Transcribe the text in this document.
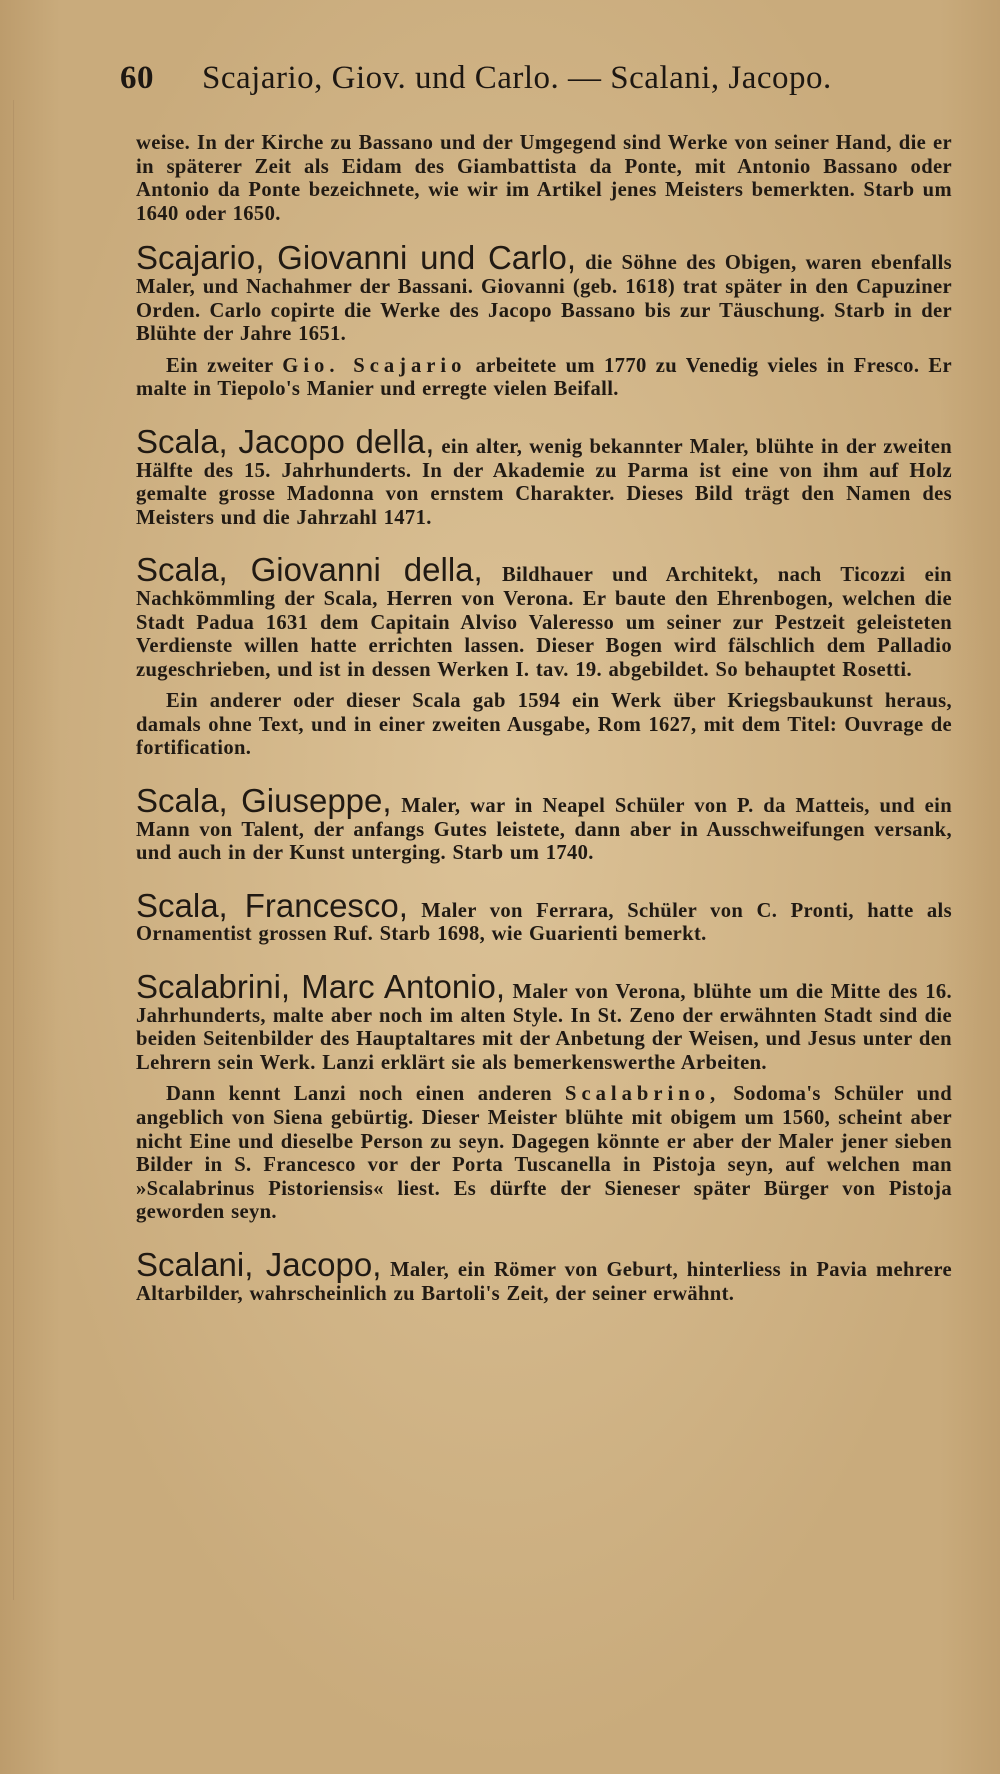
60 Scajario, Giov. und Carlo. — Scalani, Jacopo.

weise. In der Kirche zu Bassano und der Umgegend sind Werke von seiner Hand, die er in späterer Zeit als Eidam des Giambattista da Ponte, mit Antonio Bassano oder Antonio da Ponte bezeichnete, wie wir im Artikel jenes Meisters bemerkten. Starb um 1640 oder 1650.

Scajario, Giovanni und Carlo, die Söhne des Obigen, waren ebenfalls Maler, und Nachahmer der Bassani. Giovanni (geb. 1618) trat später in den Capuziner Orden. Carlo copirte die Werke des Jacopo Bassano bis zur Täuschung. Starb in der Blühte der Jahre 1651.

Ein zweiter Gio. Scajario arbeitete um 1770 zu Venedig vieles in Fresco. Er malte in Tiepolo's Manier und erregte vielen Beifall.

Scala, Jacopo della, ein alter, wenig bekannter Maler, blühte in der zweiten Hälfte des 15. Jahrhunderts. In der Akademie zu Parma ist eine von ihm auf Holz gemalte grosse Madonna von ernstem Charakter. Dieses Bild trägt den Namen des Meisters und die Jahrzahl 1471.

Scala, Giovanni della, Bildhauer und Architekt, nach Ticozzi ein Nachkömmling der Scala, Herren von Verona. Er baute den Ehrenbogen, welchen die Stadt Padua 1631 dem Capitain Alviso Valeresso um seiner zur Pestzeit geleisteten Verdienste willen hatte errichten lassen. Dieser Bogen wird fälschlich dem Palladio zugeschrieben, und ist in dessen Werken I. tav. 19. abgebildet. So behauptet Rosetti.

Ein anderer oder dieser Scala gab 1594 ein Werk über Kriegsbaukunst heraus, damals ohne Text, und in einer zweiten Ausgabe, Rom 1627, mit dem Titel: Ouvrage de fortification.

Scala, Giuseppe, Maler, war in Neapel Schüler von P. da Matteis, und ein Mann von Talent, der anfangs Gutes leistete, dann aber in Ausschweifungen versank, und auch in der Kunst unterging. Starb um 1740.

Scala, Francesco, Maler von Ferrara, Schüler von C. Pronti, hatte als Ornamentist grossen Ruf. Starb 1698, wie Guarienti bemerkt.

Scalabrini, Marc Antonio, Maler von Verona, blühte um die Mitte des 16. Jahrhunderts, malte aber noch im alten Style. In St. Zeno der erwähnten Stadt sind die beiden Seitenbilder des Hauptaltares mit der Anbetung der Weisen, und Jesus unter den Lehrern sein Werk. Lanzi erklärt sie als bemerkenswerthe Arbeiten.

Dann kennt Lanzi noch einen anderen Scalabrino, Sodoma's Schüler und angeblich von Siena gebürtig. Dieser Meister blühte mit obigem um 1560, scheint aber nicht Eine und dieselbe Person zu seyn. Dagegen könnte er aber der Maler jener sieben Bilder in S. Francesco vor der Porta Tuscanella in Pistoja seyn, auf welchen man »Scalabrinus Pistoriensis« liest. Es dürfte der Sieneser später Bürger von Pistoja geworden seyn.

Scalani, Jacopo, Maler, ein Römer von Geburt, hinterliess in Pavia mehrere Altarbilder, wahrscheinlich zu Bartoli's Zeit, der seiner erwähnt.
